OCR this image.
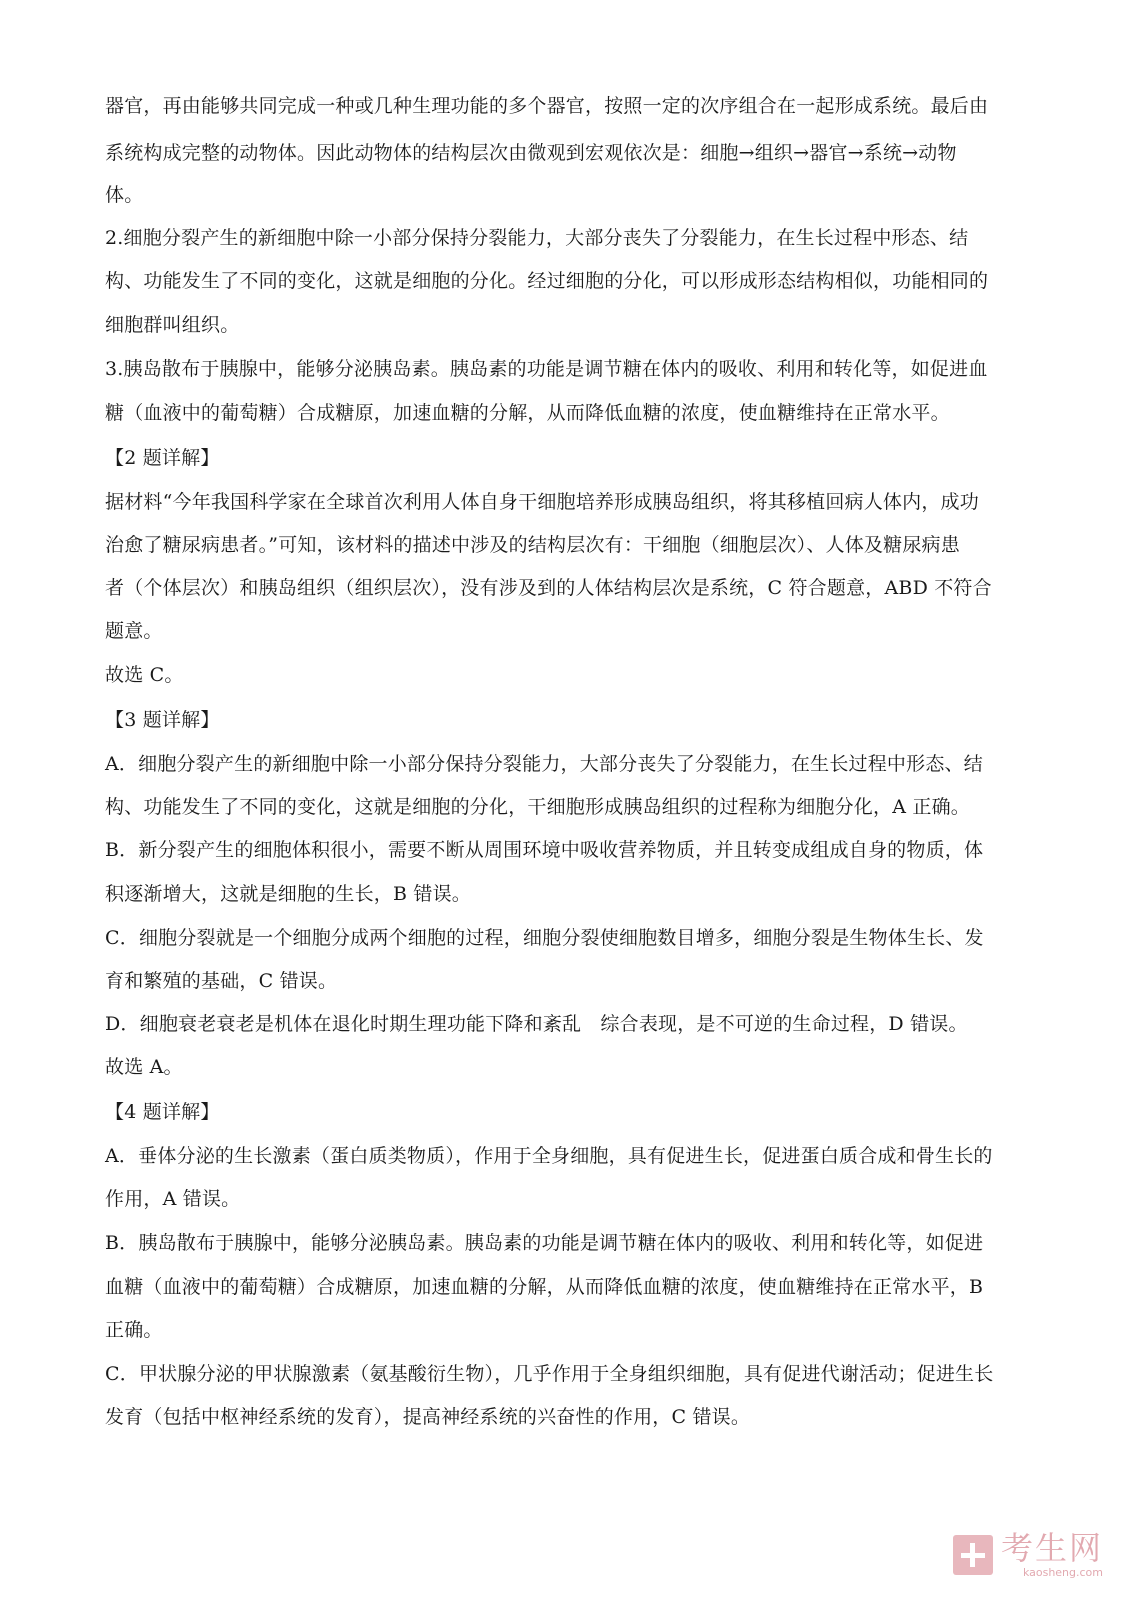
器官，再由能够共同完成一种或几种生理功能的多个器官，按照一定的次序组合在一起形成系统。最后由
系统构成完整的动物体。因此动物体的结构层次由微观到宏观依次是：细胞→组织→器官→系统→动物
体。
2.细胞分裂产生的新细胞中除一小部分保持分裂能力，大部分丧失了分裂能力，在生长过程中形态、结
构、功能发生了不同的变化，这就是细胞的分化。经过细胞的分化，可以形成形态结构相似，功能相同的
细胞群叫组织。
3.胰岛散布于胰腺中，能够分泌胰岛素。胰岛素的功能是调节糖在体内的吸收、利用和转化等，如促进血
糖（血液中的葡萄糖）合成糖原，加速血糖的分解，从而降低血糖的浓度，使血糖维持在正常水平。
【2 题详解】
据材料“今年我国科学家在全球首次利用人体自身干细胞培养形成胰岛组织，将其移植回病人体内，成功
治愈了糖尿病患者。”可知，该材料的描述中涉及的结构层次有：干细胞（细胞层次）、人体及糖尿病患
者（个体层次）和胰岛组织（组织层次），没有涉及到的人体结构层次是系统，C 符合题意，ABD 不符合
题意。
故选 C。
【3 题详解】
A．细胞分裂产生的新细胞中除一小部分保持分裂能力，大部分丧失了分裂能力，在生长过程中形态、结
构、功能发生了不同的变化，这就是细胞的分化，干细胞形成胰岛组织的过程称为细胞分化，A 正确。
B．新分裂产生的细胞体积很小，需要不断从周围环境中吸收营养物质，并且转变成组成自身的物质，体
积逐渐增大，这就是细胞的生长，B 错误。
C．细胞分裂就是一个细胞分成两个细胞的过程，细胞分裂使细胞数目增多，细胞分裂是生物体生长、发
育和繁殖的基础，C 错误。
D．细胞衰老衰老是机体在退化时期生理功能下降和紊乱　综合表现，是不可逆的生命过程，D 错误。
故选 A。
【4 题详解】
A．垂体分泌的生长激素（蛋白质类物质），作用于全身细胞，具有促进生长，促进蛋白质合成和骨生长的
作用，A 错误。
B．胰岛散布于胰腺中，能够分泌胰岛素。胰岛素的功能是调节糖在体内的吸收、利用和转化等，如促进
血糖（血液中的葡萄糖）合成糖原，加速血糖的分解，从而降低血糖的浓度，使血糖维持在正常水平，B
正确。
C．甲状腺分泌的甲状腺激素（氨基酸衍生物），几乎作用于全身组织细胞，具有促进代谢活动；促进生长
发育（包括中枢神经系统的发育），提高神经系统的兴奋性的作用，C 错误。
考生网
kaosheng.com
